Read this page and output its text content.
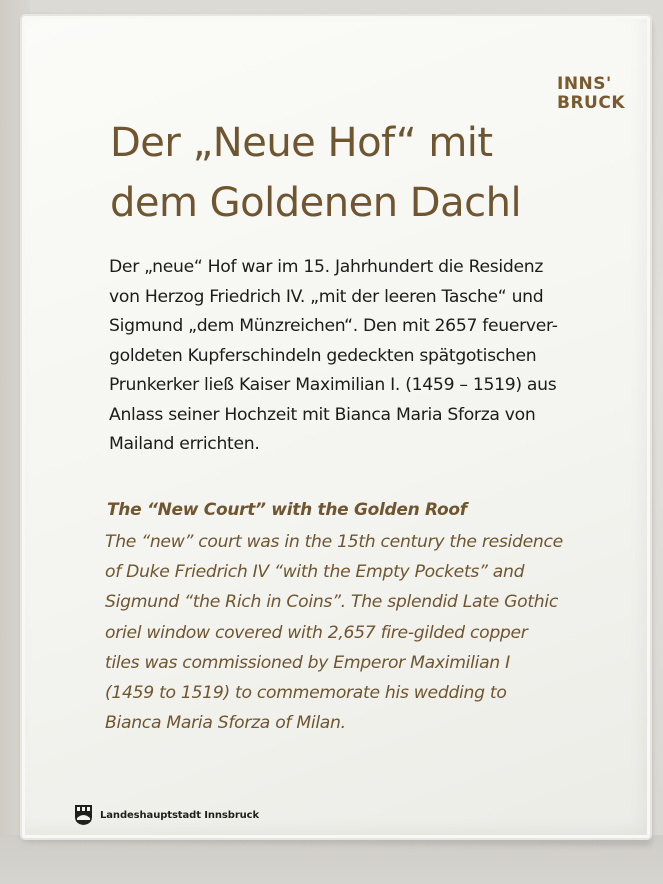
INNS'
BRUCK
Der „Neue Hof“ mit
dem Goldenen Dachl
Der „neue“ Hof war im 15. Jahrhundert die Residenz
von Herzog Friedrich IV. „mit der leeren Tasche“ und
Sigmund „dem Münzreichen“. Den mit 2657 feuerver-
goldeten Kupferschindeln gedeckten spätgotischen
Prunkerker ließ Kaiser Maximilian I. (1459 – 1519) aus
Anlass seiner Hochzeit mit Bianca Maria Sforza von
Mailand errichten.
The “New Court” with the Golden Roof
The “new” court was in the 15th century the residence
of Duke Friedrich IV “with the Empty Pockets” and
Sigmund “the Rich in Coins”. The splendid Late Gothic
oriel window covered with 2,657 fire-gilded copper
tiles was commissioned by Emperor Maximilian I
(1459 to 1519) to commemorate his wedding to
Bianca Maria Sforza of Milan.
Landeshauptstadt Innsbruck
